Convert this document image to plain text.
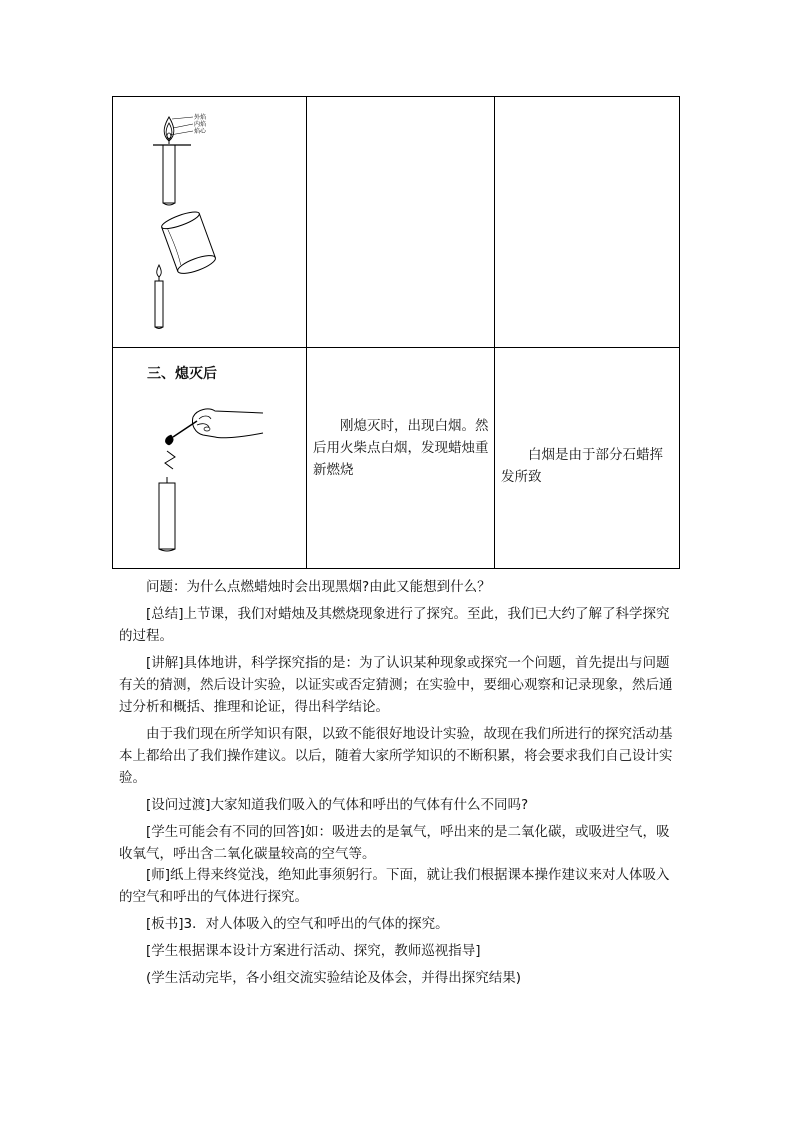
外焰
内焰
焰心

三、熄灭后

刚熄灭时，出现白烟。然后用火柴点白烟，发现蜡烛重新燃烧

白烟是由于部分石蜡挥发所致

问题：为什么点燃蜡烛时会出现黑烟?由此又能想到什么？

[总结]上节课，我们对蜡烛及其燃烧现象进行了探究。至此，我们已大约了解了科学探究的过程。

[讲解]具体地讲，科学探究指的是：为了认识某种现象或探究一个问题，首先提出与问题有关的猜测，然后设计实验，以证实或否定猜测；在实验中，要细心观察和记录现象，然后通过分析和概括、推理和论证，得出科学结论。

由于我们现在所学知识有限，以致不能很好地设计实验，故现在我们所进行的探究活动基本上都给出了我们操作建议。以后，随着大家所学知识的不断积累，将会要求我们自己设计实验。

[设问过渡]大家知道我们吸入的气体和呼出的气体有什么不同吗?

[学生可能会有不同的回答]如：吸进去的是氧气，呼出来的是二氧化碳，或吸进空气，吸收氧气，呼出含二氧化碳量较高的空气等。

[师]纸上得来终觉浅，绝知此事须躬行。下面，就让我们根据课本操作建议来对人体吸入的空气和呼出的气体进行探究。

[板书]3．对人体吸入的空气和呼出的气体的探究。

[学生根据课本设计方案进行活动、探究，教师巡视指导]

(学生活动完毕，各小组交流实验结论及体会，并得出探究结果)
